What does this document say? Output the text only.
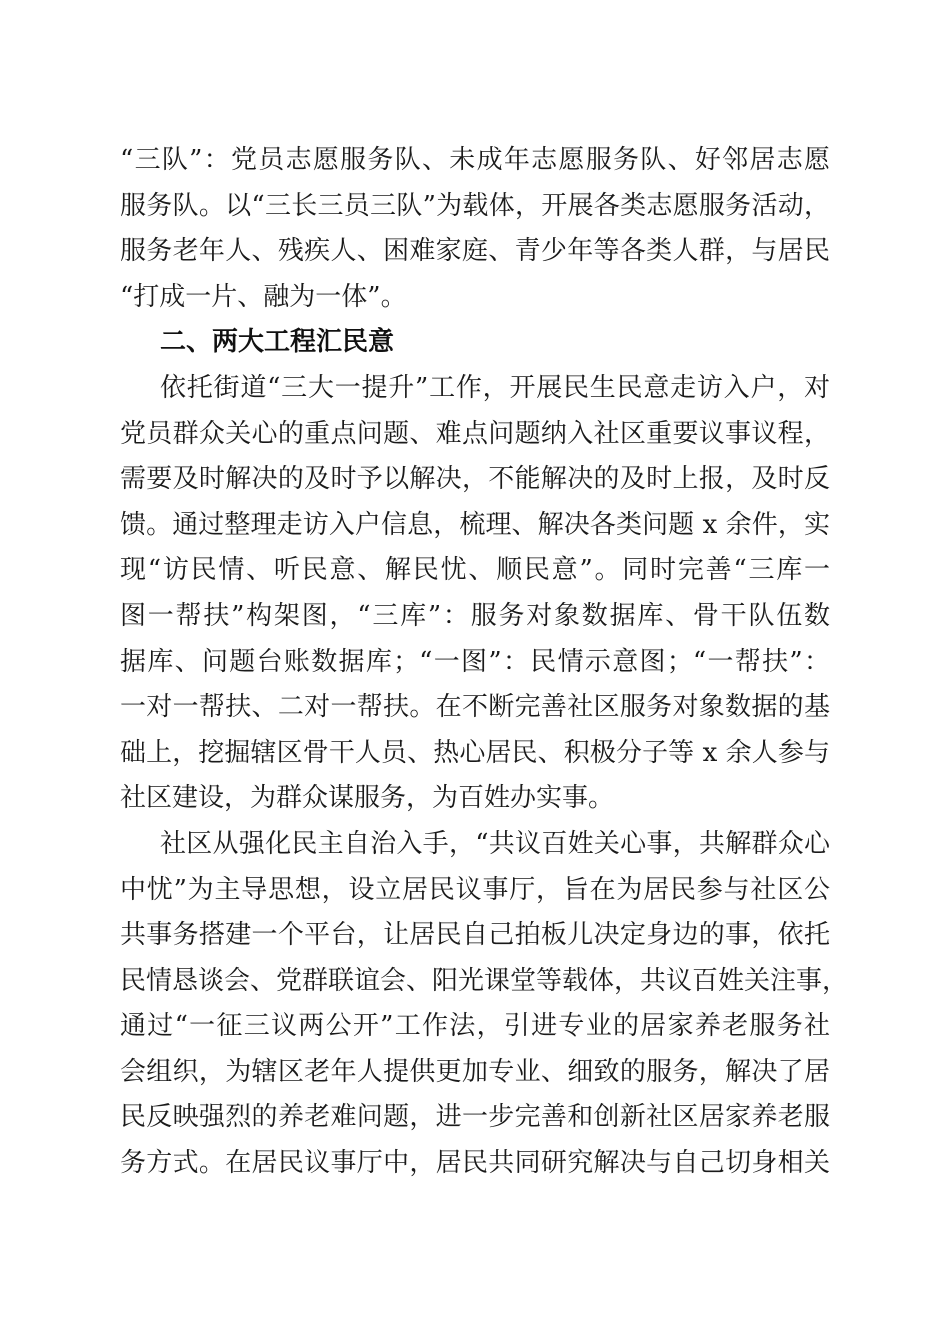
“三队”：党员志愿服务队、未成年志愿服务队、好邻居志愿
服务队。以“三长三员三队”为载体，开展各类志愿服务活动，
服务老年人、残疾人、困难家庭、青少年等各类人群，与居民
“打成一片、融为一体”。
二、两大工程汇民意
依托街道“三大一提升”工作，开展民生民意走访入户，对
党员群众关心的重点问题、难点问题纳入社区重要议事议程，
需要及时解决的及时予以解决，不能解决的及时上报，及时反
馈。通过整理走访入户信息，梳理、解决各类问题 x 余件，实
现“访民情、听民意、解民忧、顺民意”。同时完善“三库一
图一帮扶”构架图，“三库”：服务对象数据库、骨干队伍数
据库、问题台账数据库；“一图”：民情示意图；“一帮扶”：
一对一帮扶、二对一帮扶。在不断完善社区服务对象数据的基
础上，挖掘辖区骨干人员、热心居民、积极分子等 x 余人参与
社区建设，为群众谋服务，为百姓办实事。
社区从强化民主自治入手，“共议百姓关心事，共解群众心
中忧”为主导思想，设立居民议事厅，旨在为居民参与社区公
共事务搭建一个平台，让居民自己拍板儿决定身边的事，依托
民情恳谈会、党群联谊会、阳光课堂等载体，共议百姓关注事，
通过“一征三议两公开”工作法，引进专业的居家养老服务社
会组织，为辖区老年人提供更加专业、细致的服务，解决了居
民反映强烈的养老难问题，进一步完善和创新社区居家养老服
务方式。在居民议事厅中，居民共同研究解决与自己切身相关
